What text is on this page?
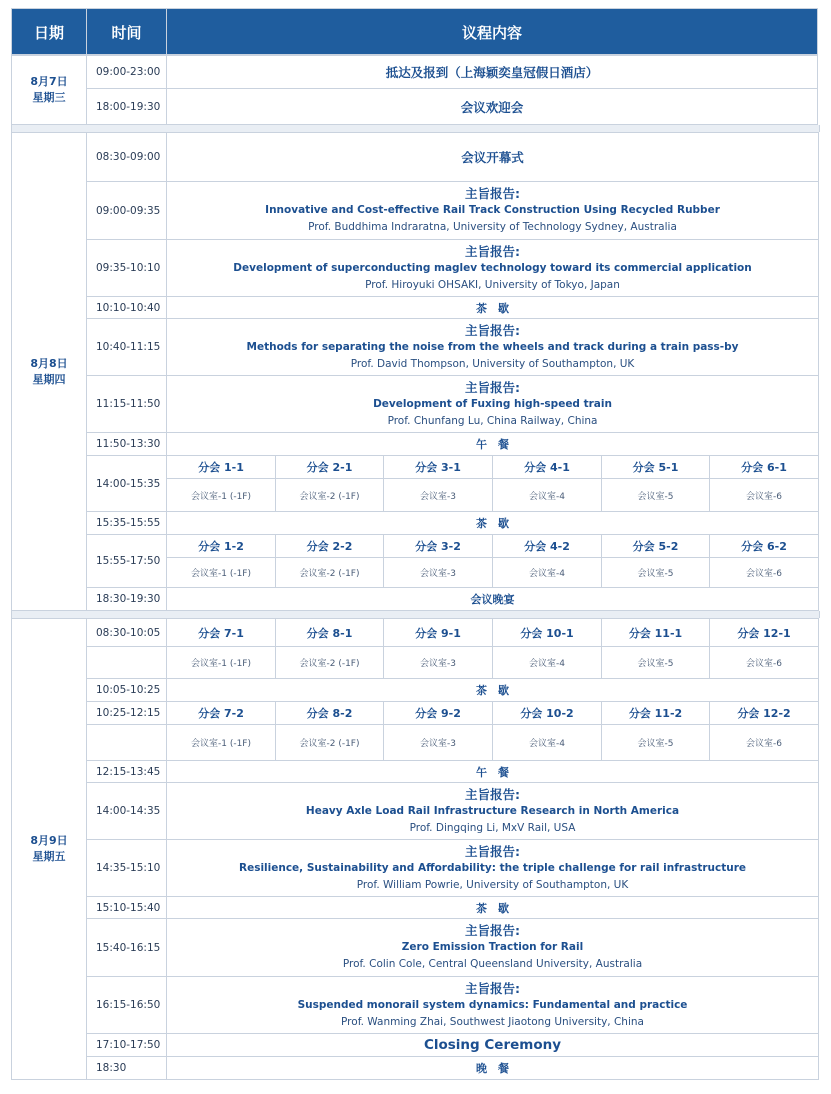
日期	时间	议程内容
8月7日
星期三	09:00-23:00	抵达及报到（上海颖奕皇冠假日酒店）
	18:00-19:30	会议欢迎会
8月8日
星期四	08:30-09:00	会议开幕式					
	09:00-09:35	主旨报告:
Innovative and Cost-effective Rail Track Construction Using Recycled Rubber
Prof. Buddhima Indraratna, University of Technology Sydney, Australia					

	09:35-10:10	主旨报告:
Development of superconducting maglev technology toward its commercial application
Prof. Hiroyuki OHSAKI, University of Tokyo, Japan					

	10:10-10:40	茶　歇					
	10:40-11:15	主旨报告:
Methods for separating the noise from the wheels and track during a train pass-by
Prof. David Thompson, University of Southampton, UK					

	11:15-11:50	主旨报告:
Development of Fuxing high-speed train
Prof. Chunfang Lu, China Railway, China					

	11:50-13:30	午　餐					
	14:00-15:35	分会 1-1	分会 2-1	分会 3-1	分会 4-1	分会 5-1	分会 6-1
		会议室-1 (-1F)	会议室-2 (-1F)	会议室-3	会议室-4	会议室-5	会议室-6
	15:35-15:55	茶　歇					
	15:55-17:50	分会 1-2	分会 2-2	分会 3-2	分会 4-2	分会 5-2	分会 6-2
		会议室-1 (-1F)	会议室-2 (-1F)	会议室-3	会议室-4	会议室-5	会议室-6
	18:30-19:30	会议晚宴					
8月9日
星期五	08:30-10:05	分会 7-1	分会 8-1	分会 9-1	分会 10-1	分会 11-1	分会 12-1
		会议室-1 (-1F)	会议室-2 (-1F)	会议室-3	会议室-4	会议室-5	会议室-6
	10:05-10:25	茶　歇					
	10:25-12:15	分会 7-2	分会 8-2	分会 9-2	分会 10-2	分会 11-2	分会 12-2
		会议室-1 (-1F)	会议室-2 (-1F)	会议室-3	会议室-4	会议室-5	会议室-6
	12:15-13:45	午　餐					
	14:00-14:35	主旨报告:
Heavy Axle Load Rail Infrastructure Research in North America
Prof. Dingqing Li, MxV Rail, USA					

	14:35-15:10	主旨报告:
Resilience, Sustainability and Affordability: the triple challenge for rail infrastructure
Prof. William Powrie, University of Southampton, UK					

	15:10-15:40	茶　歇					
	15:40-16:15	主旨报告:
Zero Emission Traction for Rail
Prof. Colin Cole, Central Queensland University, Australia					

	16:15-16:50	主旨报告:
Suspended monorail system dynamics: Fundamental and practice
Prof. Wanming Zhai, Southwest Jiaotong University, China					

	17:10-17:50	Closing Ceremony					
	18:30	晚　餐					
